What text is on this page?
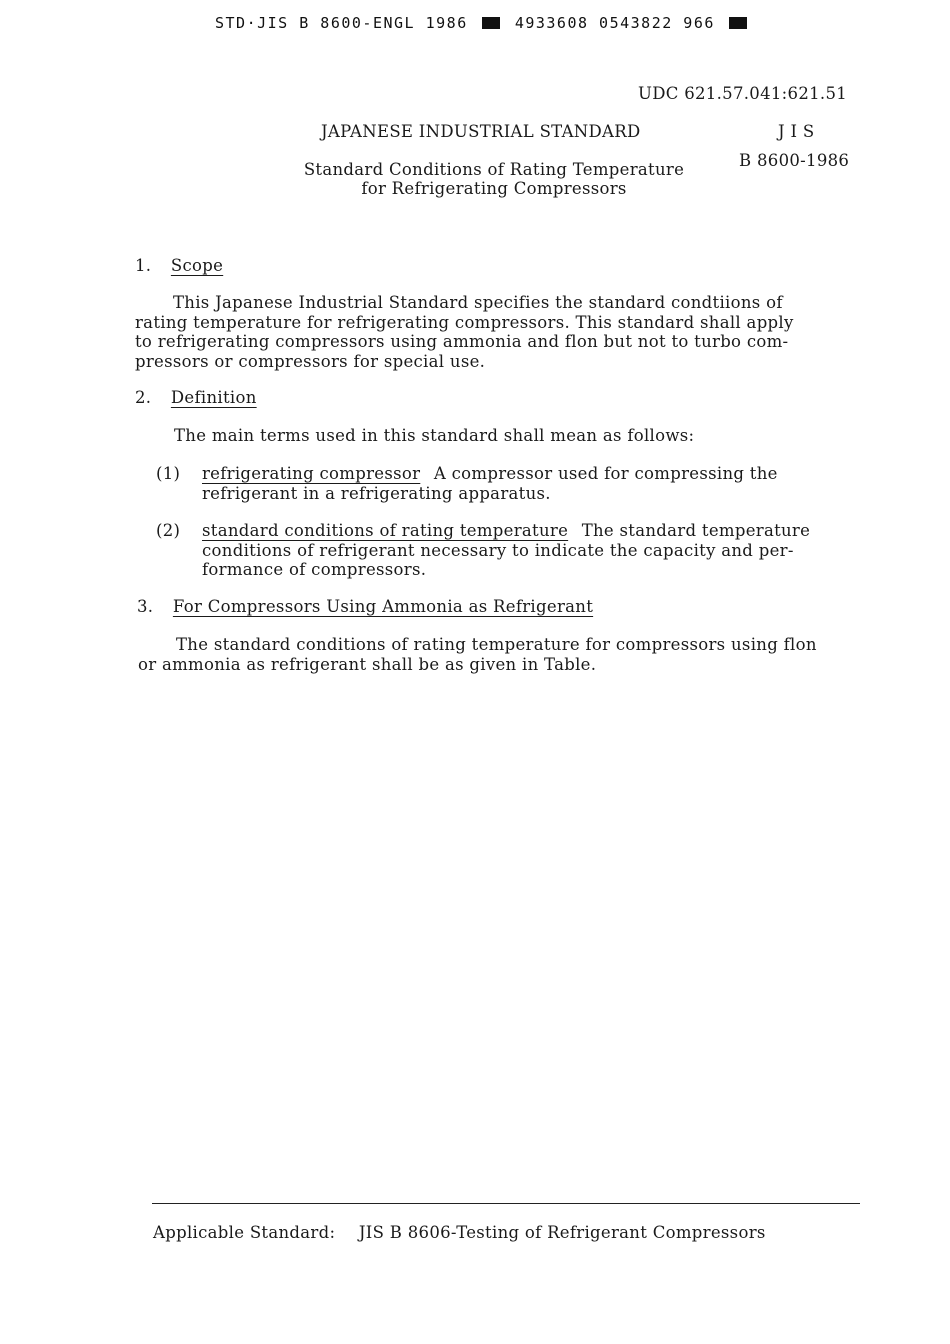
STD·JIS B 8600-ENGL 1986	4933608 0543822 966
UDC 621.57.041:621.51
JAPANESE INDUSTRIAL STANDARD	J I S
B 8600-1986
Standard Conditions of Rating Temperature
for Refrigerating Compressors
1. Scope
This Japanese Industrial Standard specifies the standard condtiions of
rating temperature for refrigerating compressors. This standard shall apply
to refrigerating compressors using ammonia and flon but not to turbo com-
pressors or compressors for special use.
2. Definition
The main terms used in this standard shall mean as follows:
(1) refrigerating compressor A compressor used for compressing the
refrigerant in a refrigerating apparatus.
(2) standard conditions of rating temperature The standard temperature
conditions of refrigerant necessary to indicate the capacity and per-
formance of compressors.
3. For Compressors Using Ammonia as Refrigerant
The standard conditions of rating temperature for compressors using flon
or ammonia as refrigerant shall be as given in Table.
Applicable Standard: JIS B 8606-Testing of Refrigerant Compressors
